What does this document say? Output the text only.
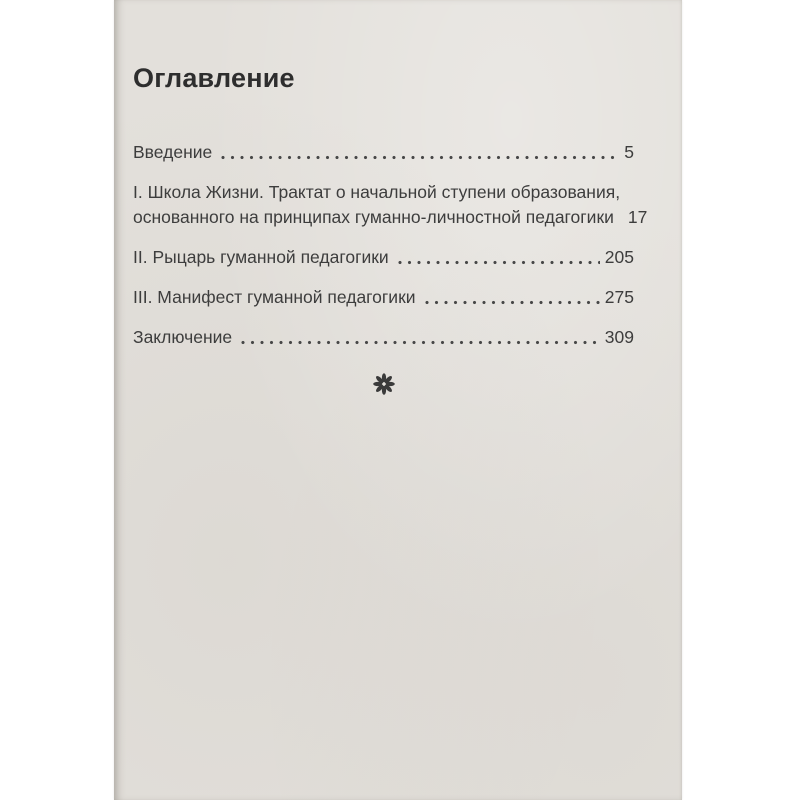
Оглавление
Введение	5
I. Школа Жизни. Трактат о начальной ступени образования,
основанного на принципах гуманно-личностной педагогики 17
II. Рыцарь гуманной педагогики	205
III. Манифест гуманной педагогики	275
Заключение	309
